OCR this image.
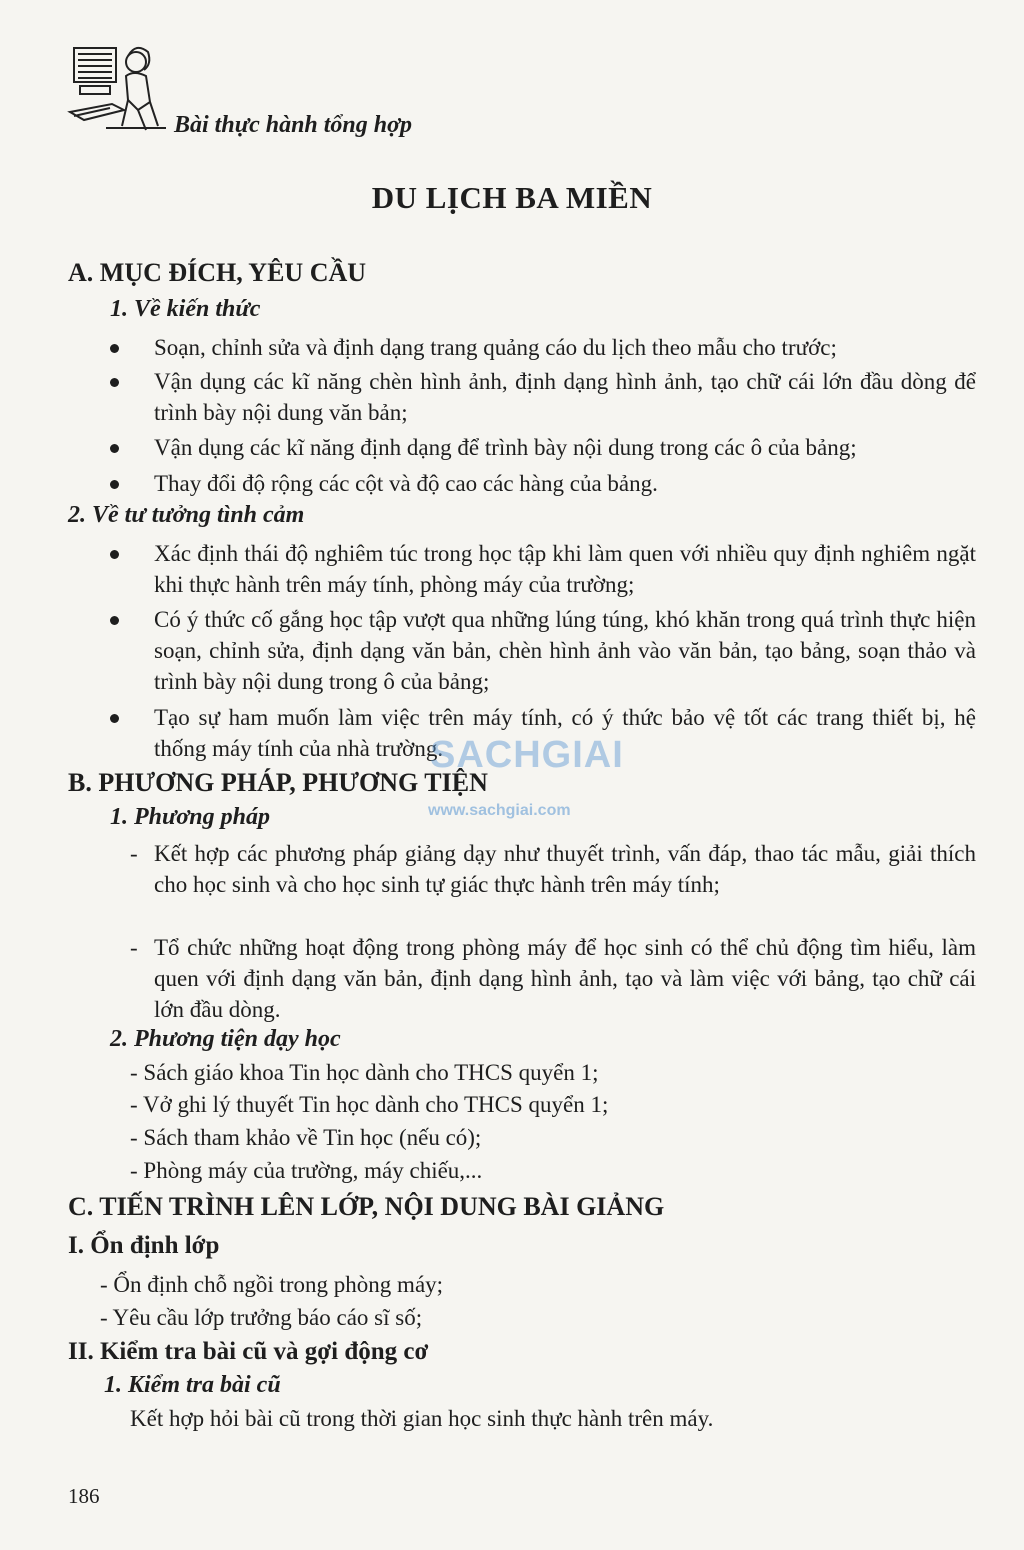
Bài thực hành tổng hợp
DU LỊCH BA MIỀN
A. MỤC ĐÍCH, YÊU CẦU
1. Về kiến thức
Soạn, chỉnh sửa và định dạng trang quảng cáo du lịch theo mẫu cho trước;
Vận dụng các kĩ năng chèn hình ảnh, định dạng hình ảnh, tạo chữ cái lớn đầu dòng để trình bày nội dung văn bản;
Vận dụng các kĩ năng định dạng để trình bày nội dung trong các ô của bảng;
Thay đổi độ rộng các cột và độ cao các hàng của bảng.
2. Về tư tưởng tình cảm
Xác định thái độ nghiêm túc trong học tập khi làm quen với nhiều quy định nghiêm ngặt khi thực hành trên máy tính, phòng máy của trường;
Có ý thức cố gắng học tập vượt qua những lúng túng, khó khăn trong quá trình thực hiện soạn, chỉnh sửa, định dạng văn bản, chèn hình ảnh vào văn bản, tạo bảng, soạn thảo và trình bày nội dung trong ô của bảng;
Tạo sự ham muốn làm việc trên máy tính, có ý thức bảo vệ tốt các trang thiết bị, hệ thống máy tính của nhà trường.
B. PHƯƠNG PHÁP, PHƯƠNG TIỆN
1. Phương pháp
- Kết hợp các phương pháp giảng dạy như thuyết trình, vấn đáp, thao tác mẫu, giải thích cho học sinh và cho học sinh tự giác thực hành trên máy tính;
- Tổ chức những hoạt động trong phòng máy để học sinh có thể chủ động tìm hiểu, làm quen với định dạng văn bản, định dạng hình ảnh, tạo và làm việc với bảng, tạo chữ cái lớn đầu dòng.
2. Phương tiện dạy học
- Sách giáo khoa Tin học dành cho THCS quyển 1;
- Vở ghi lý thuyết Tin học dành cho THCS quyển 1;
- Sách tham khảo về Tin học (nếu có);
- Phòng máy của trường, máy chiếu,...
C. TIẾN TRÌNH LÊN LỚP, NỘI DUNG BÀI GIẢNG
I. Ổn định lớp
- Ổn định chỗ ngồi trong phòng máy;
- Yêu cầu lớp trưởng báo cáo sĩ số;
II. Kiểm tra bài cũ và gợi động cơ
1. Kiểm tra bài cũ
Kết hợp hỏi bài cũ trong thời gian học sinh thực hành trên máy.
186
SACHGIAI
www.sachgiai.com
